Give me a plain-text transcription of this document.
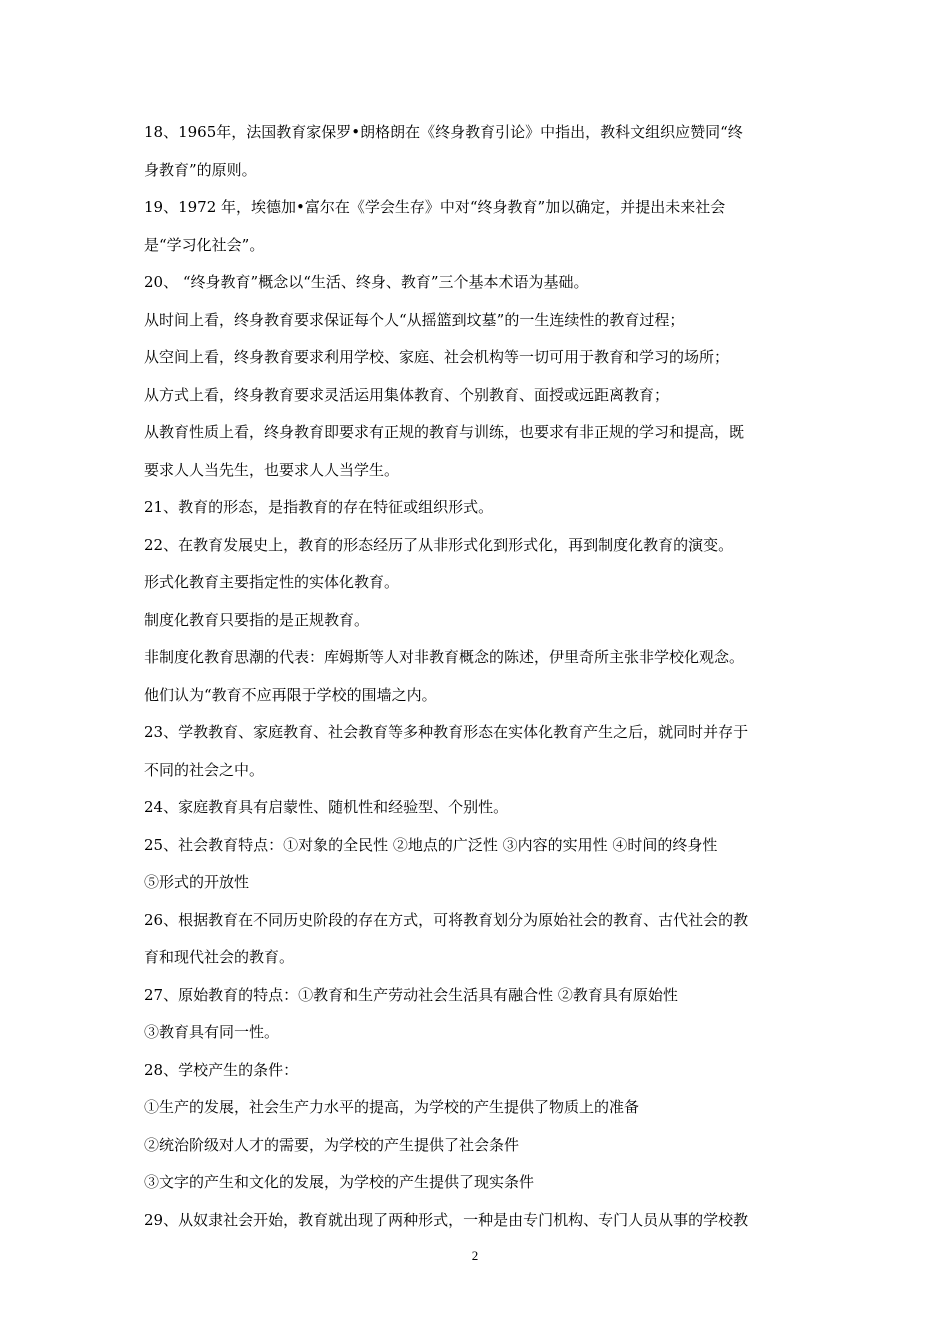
18、1965年，法国教育家保罗•朗格朗在《终身教育引论》中指出，教科文组织应赞同“终
身教育”的原则。
19、1972 年，埃德加•富尔在《学会生存》中对“终身教育”加以确定，并提出未来社会
是“学习化社会”。
20、 “终身教育”概念以“生活、终身、教育”三个基本术语为基础。
从时间上看，终身教育要求保证每个人“从摇篮到坟墓”的一生连续性的教育过程；
从空间上看，终身教育要求利用学校、家庭、社会机构等一切可用于教育和学习的场所；
从方式上看，终身教育要求灵活运用集体教育、个别教育、面授或远距离教育；
从教育性质上看，终身教育即要求有正规的教育与训练，也要求有非正规的学习和提高，既
要求人人当先生，也要求人人当学生。
21、教育的形态，是指教育的存在特征或组织形式。
22、在教育发展史上，教育的形态经历了从非形式化到形式化，再到制度化教育的演变。
形式化教育主要指定性的实体化教育。
制度化教育只要指的是正规教育。
非制度化教育思潮的代表：库姆斯等人对非教育概念的陈述，伊里奇所主张非学校化观念。
他们认为“教育不应再限于学校的围墙之内。
23、学教教育、家庭教育、社会教育等多种教育形态在实体化教育产生之后，就同时并存于
不同的社会之中。
24、家庭教育具有启蒙性、随机性和经验型、个别性。
25、社会教育特点：①对象的全民性 ②地点的广泛性 ③内容的实用性 ④时间的终身性
⑤形式的开放性
26、根据教育在不同历史阶段的存在方式，可将教育划分为原始社会的教育、古代社会的教
育和现代社会的教育。
27、原始教育的特点：①教育和生产劳动社会生活具有融合性 ②教育具有原始性
③教育具有同一性。
28、学校产生的条件：
①生产的发展，社会生产力水平的提高，为学校的产生提供了物质上的准备
②统治阶级对人才的需要，为学校的产生提供了社会条件
③文字的产生和文化的发展，为学校的产生提供了现实条件
29、从奴隶社会开始，教育就出现了两种形式，一种是由专门机构、专门人员从事的学校教
2
